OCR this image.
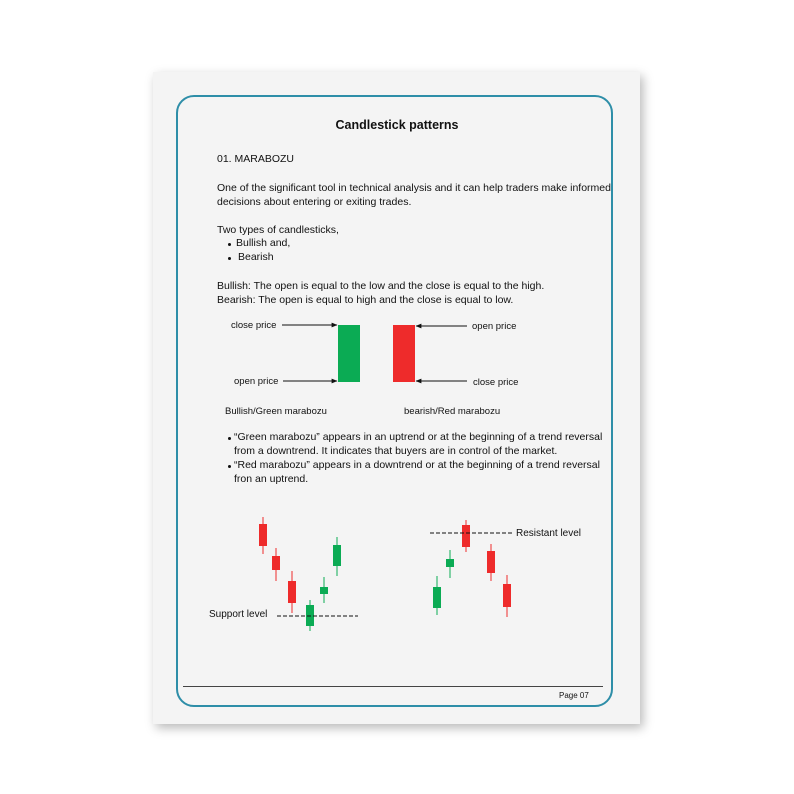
Candlestick patterns
01. MARABOZU
One of the significant tool in technical analysis and it can help traders make informed
decisions about entering or exiting trades.
Two types of candlesticks,
Bullish and,
Bearish
Bullish: The open is equal to the low and the close is equal to the high.
Bearish: The open is equal to high and the close is equal to low.
close price
open price
open price
close price
Bullish/Green marabozu	bearish/Red marabozu
“Green marabozu” appears in an uptrend or at the beginning of a trend reversal
from a downtrend. It indicates that buyers are in control of the market.
“Red marabozu” appears in a downtrend or at the beginning of a trend reversal
fron an uptrend.
Support level
Resistant level
Page 07
